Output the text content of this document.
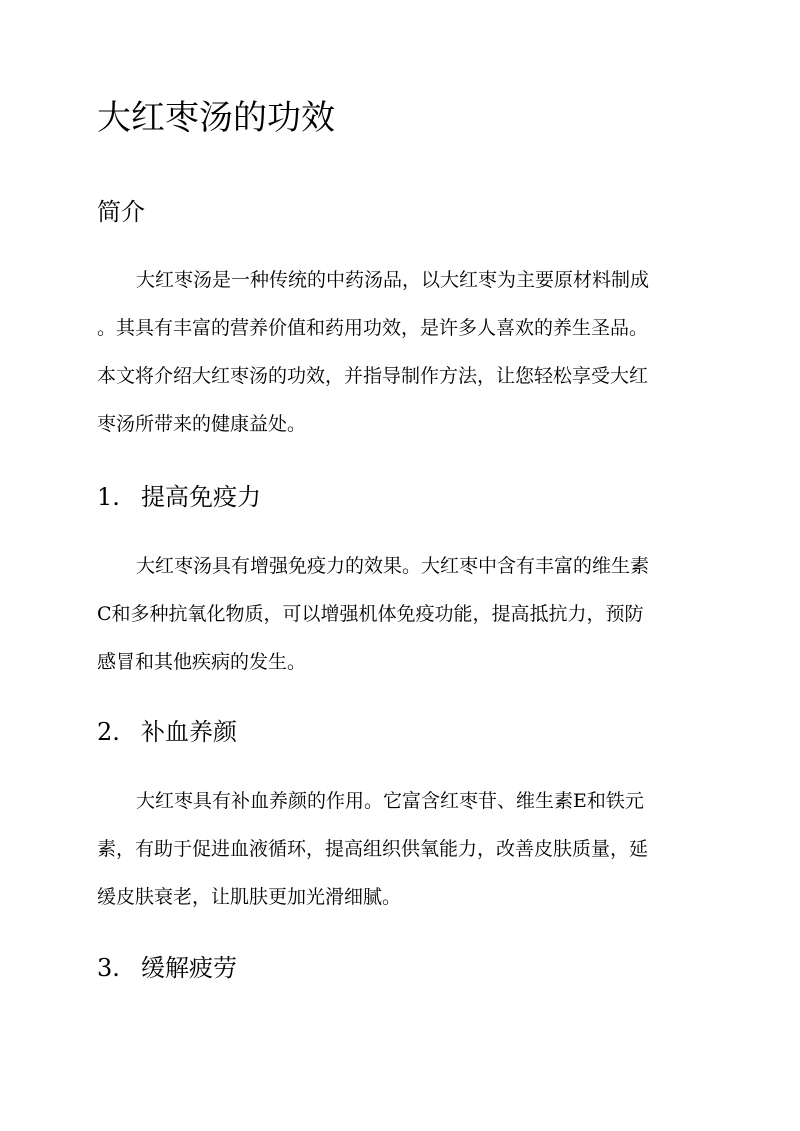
大红枣汤的功效
简介
大红枣汤是一种传统的中药汤品，以大红枣为主要原材料制成
。其具有丰富的营养价值和药用功效，是许多人喜欢的养生圣品。
本文将介绍大红枣汤的功效，并指导制作方法，让您轻松享受大红
枣汤所带来的健康益处。
1. 提高免疫力
大红枣汤具有增强免疫力的效果。大红枣中含有丰富的维生素
C和多种抗氧化物质，可以增强机体免疫功能，提高抵抗力，预防
感冒和其他疾病的发生。
2. 补血养颜
大红枣具有补血养颜的作用。它富含红枣苷、维生素E和铁元
素，有助于促进血液循环，提高组织供氧能力，改善皮肤质量，延
缓皮肤衰老，让肌肤更加光滑细腻。
3. 缓解疲劳
